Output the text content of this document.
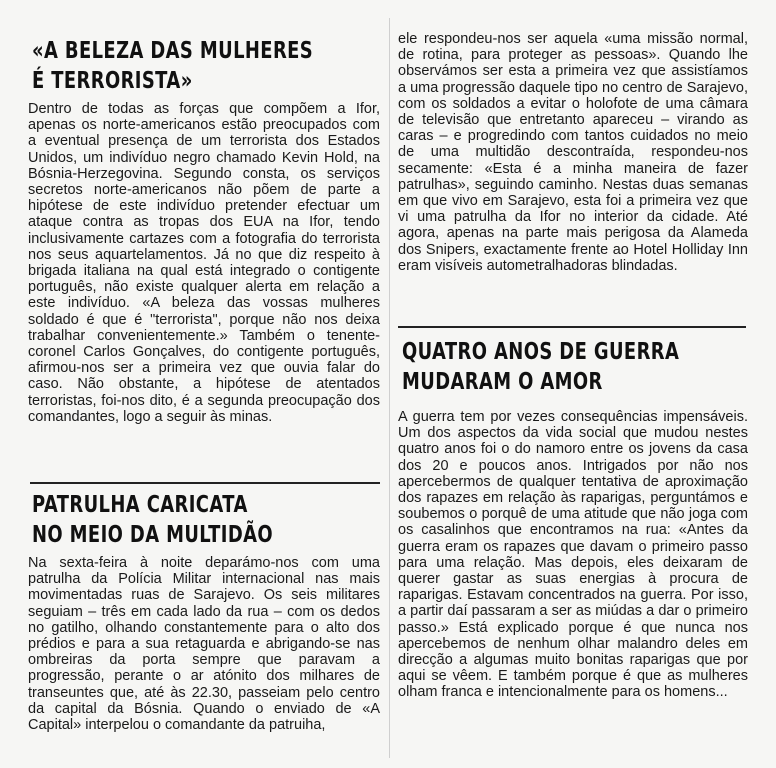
«A BELEZA DAS MULHERES
É TERRORISTA»

Dentro de todas as forças que compõem a Ifor, apenas os norte-americanos estão preocupados com a eventual presença de um terrorista dos Estados Unidos, um indivíduo negro chamado Kevin Hold, na Bósnia-Herzegovina. Segundo consta, os serviços secretos norte-americanos não põem de parte a hipótese de este indivíduo pretender efectuar um ataque contra as tropas dos EUA na Ifor, tendo inclusivamente cartazes com a fotografia do terrorista nos seus aquartelamentos. Já no que diz respeito à brigada italiana na qual está integrado o contigente português, não existe qualquer alerta em relação a este indivíduo. «A beleza das vossas mulheres soldado é que é "terrorista", porque não nos deixa trabalhar convenientemente.» Também o tenente-coronel Carlos Gonçalves, do contigente português, afirmou-nos ser a primeira vez que ouvia falar do caso. Não obstante, a hipótese de atentados terroristas, foi-nos dito, é a segunda preocupação dos comandantes, logo a seguir às minas.

PATRULHA CARICATA
NO MEIO DA MULTIDÃO

Na sexta-feira à noite deparámo-nos com uma patrulha da Polícia Militar internacional nas mais movimentadas ruas de Sarajevo. Os seis militares seguiam – três em cada lado da rua – com os dedos no gatilho, olhando constantemente para o alto dos prédios e para a sua retaguarda e abrigando-se nas ombreiras da porta sempre que paravam a progressão, perante o ar atónito dos milhares de transeuntes que, até às 22.30, passeiam pelo centro da capital da Bósnia. Quando o enviado de «A Capital» interpelou o comandante da patruiha,

ele respondeu-nos ser aquela «uma missão normal, de rotina, para proteger as pessoas». Quando lhe observámos ser esta a primeira vez que assistíamos a uma progressão daquele tipo no centro de Sarajevo, com os soldados a evitar o holofote de uma câmara de televisão que entretanto apareceu – virando as caras – e progredindo com tantos cuidados no meio de uma multidão descontraída, respondeu-nos secamente: «Esta é a minha maneira de fazer patrulhas», seguindo caminho. Nestas duas semanas em que vivo em Sarajevo, esta foi a primeira vez que vi uma patrulha da Ifor no interior da cidade. Até agora, apenas na parte mais perigosa da Alameda dos Snipers, exactamente frente ao Hotel Holliday Inn eram visíveis autometralhadoras blindadas.

QUATRO ANOS DE GUERRA
MUDARAM O AMOR

A guerra tem por vezes consequências impensáveis. Um dos aspectos da vida social que mudou nestes quatro anos foi o do namoro entre os jovens da casa dos 20 e poucos anos. Intrigados por não nos apercebermos de qualquer tentativa de aproximação dos rapazes em relação às raparigas, perguntámos e soubemos o porquê de uma atitude que não joga com os casalinhos que encontramos na rua: «Antes da guerra eram os rapazes que davam o primeiro passo para uma relação. Mas depois, eles deixaram de querer gastar as suas energias à procura de raparigas. Estavam concentrados na guerra. Por isso, a partir daí passaram a ser as miúdas a dar o primeiro passo.» Está explicado porque é que nunca nos apercebemos de nenhum olhar malandro deles em direcção a algumas muito bonitas raparigas que por aqui se vêem. E também porque é que as mulheres olham franca e intencionalmente para os homens...
